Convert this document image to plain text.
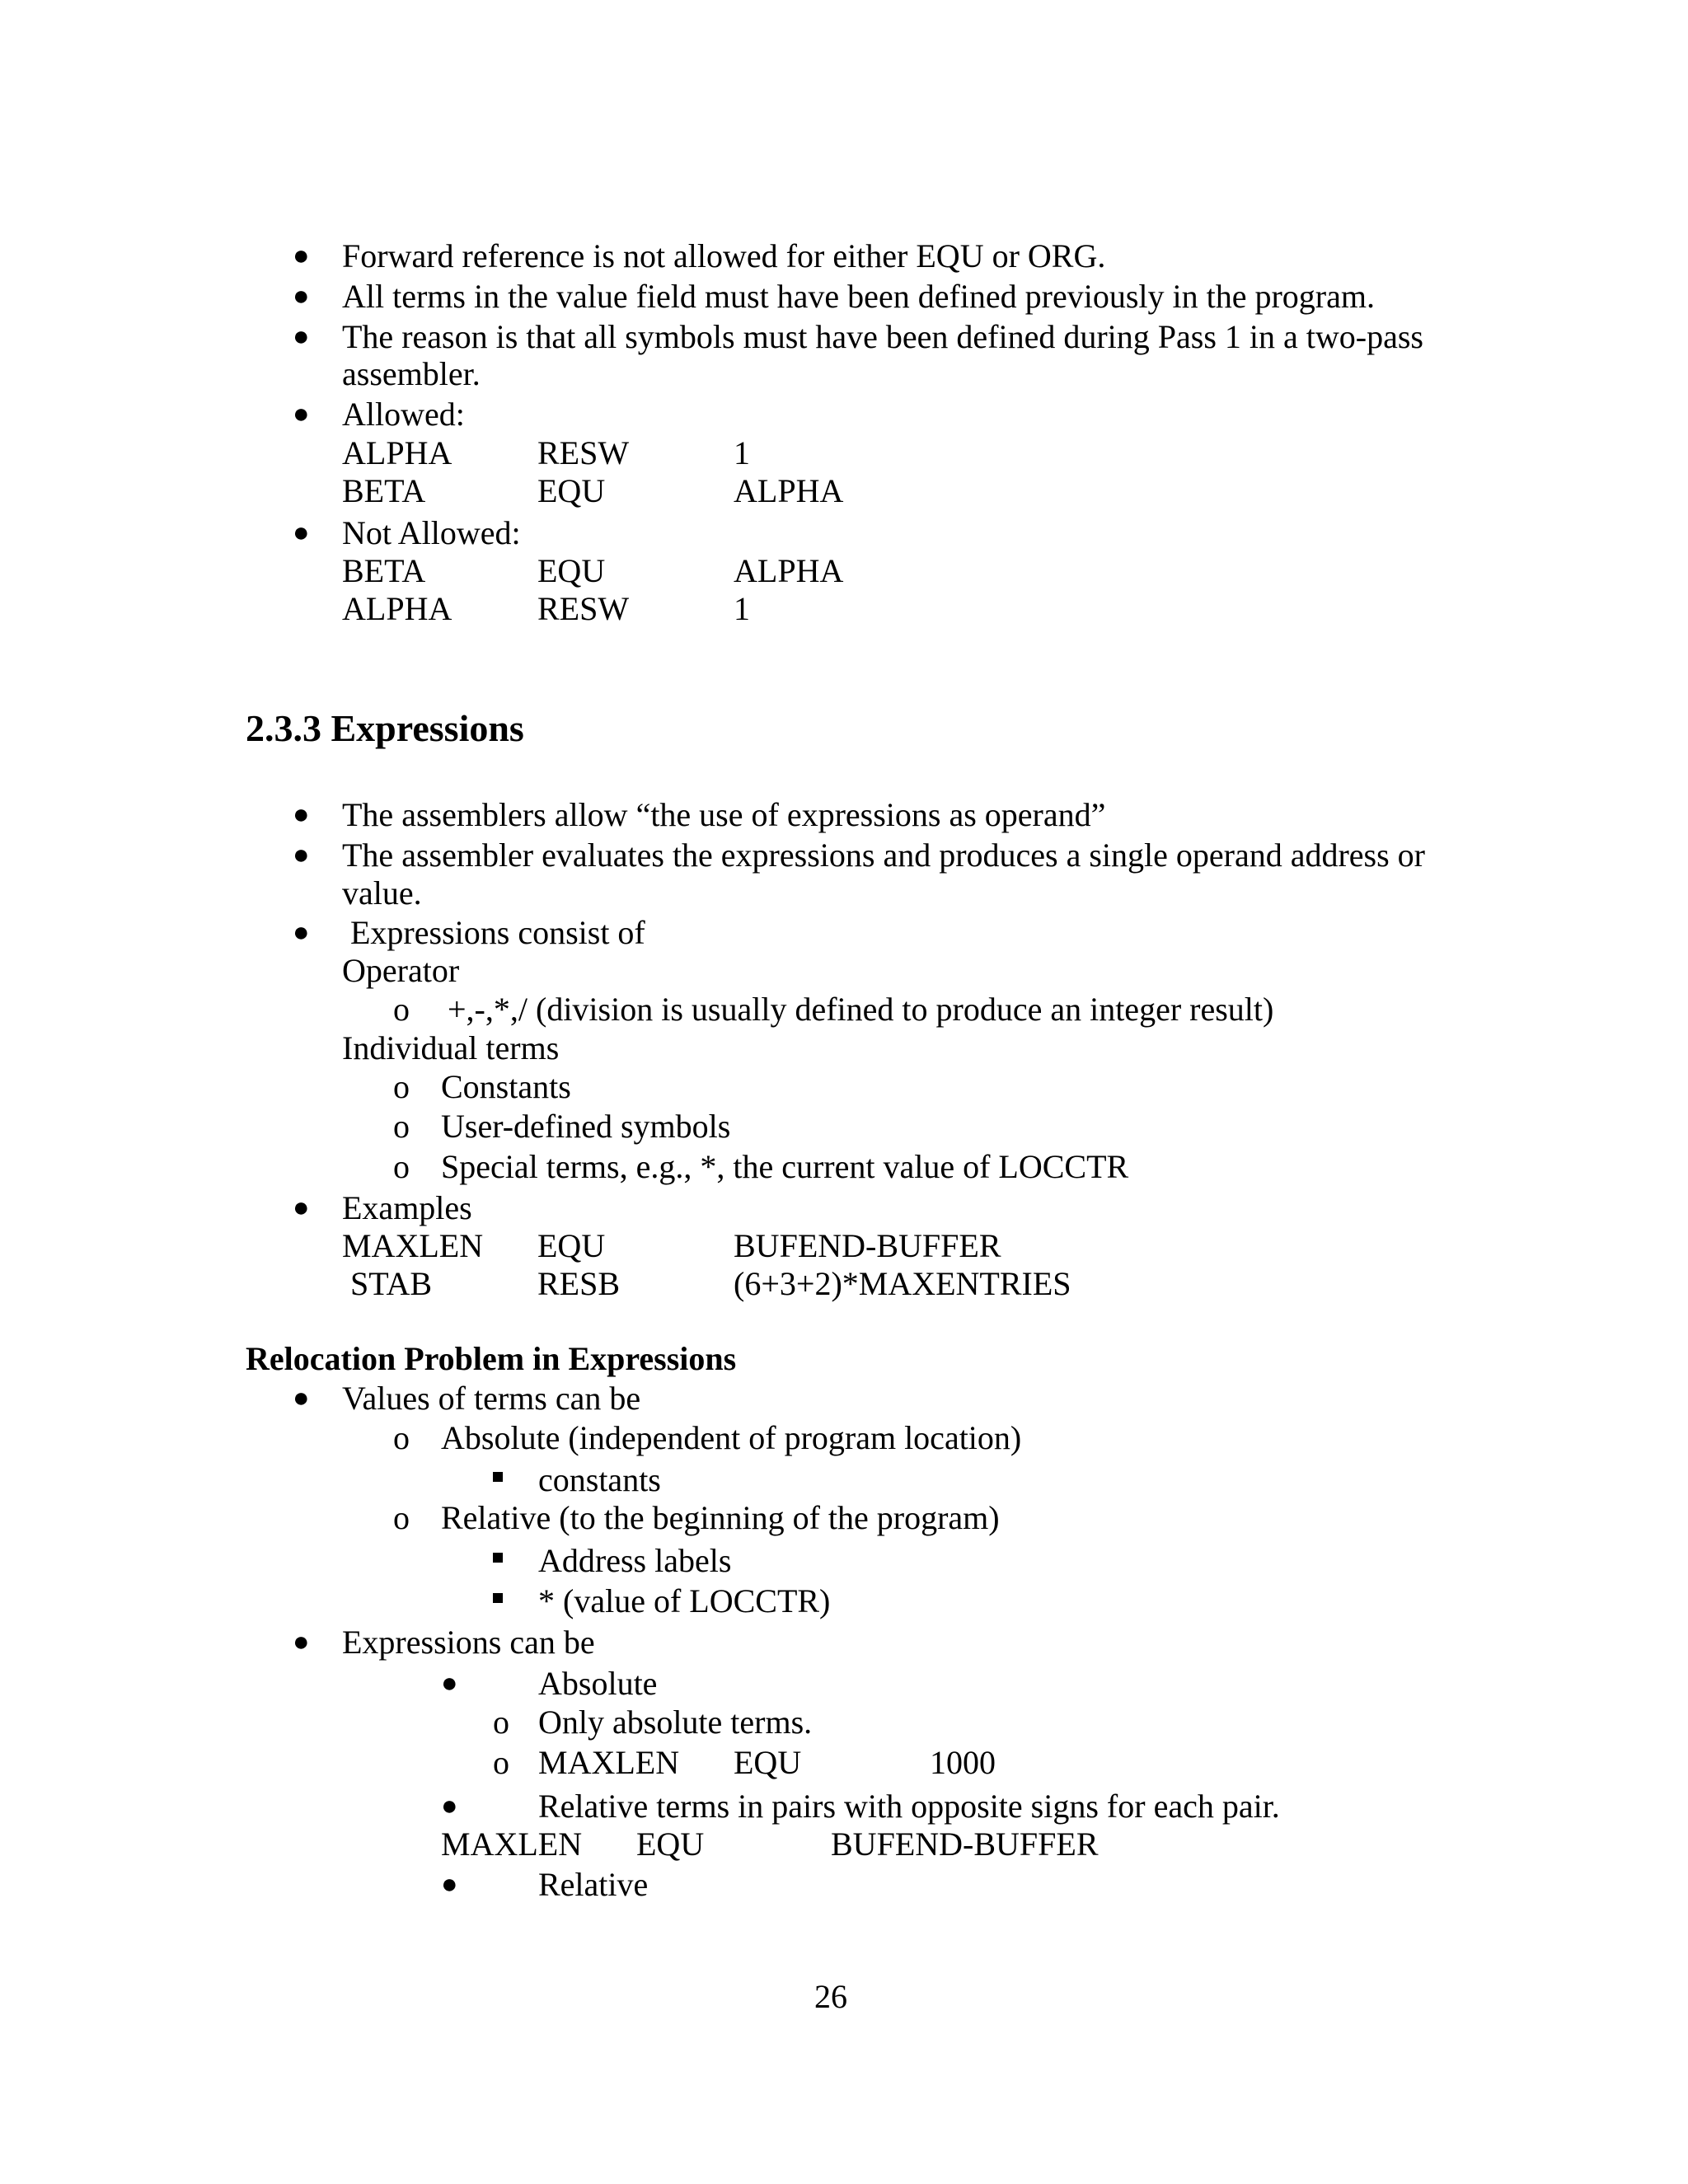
● Forward reference is not allowed for either EQU or ORG.
● All terms in the value field must have been defined previously in the program.
● The reason is that all symbols must have been defined during Pass 1 in a two-pass
assembler.
● Allowed:
ALPHA	RESW	1
BETA	EQU	ALPHA
● Not Allowed:
BETA	EQU	ALPHA
ALPHA	RESW	1
2.3.3 Expressions
● The assemblers allow “the use of expressions as operand”
● The assembler evaluates the expressions and produces a single operand address or
value.
● Expressions consist of
Operator
o +,-,*,/ (division is usually defined to produce an integer result)
Individual terms
o Constants
o User-defined symbols
o Special terms, e.g., *, the current value of LOCCTR
● Examples
MAXLEN EQU	BUFEND-BUFFER
STAB	RESB	(6+3+2)*MAXENTRIES
Relocation Problem in Expressions
● Values of terms can be
o Absolute (independent of program location)
constants
o Relative (to the beginning of the program)
Address labels
* (value of LOCCTR)
● Expressions can be
● Absolute
o Only absolute terms.
o MAXLEN EQU	1000
● Relative terms in pairs with opposite signs for each pair.
MAXLEN EQU	BUFEND-BUFFER
● Relative
26
